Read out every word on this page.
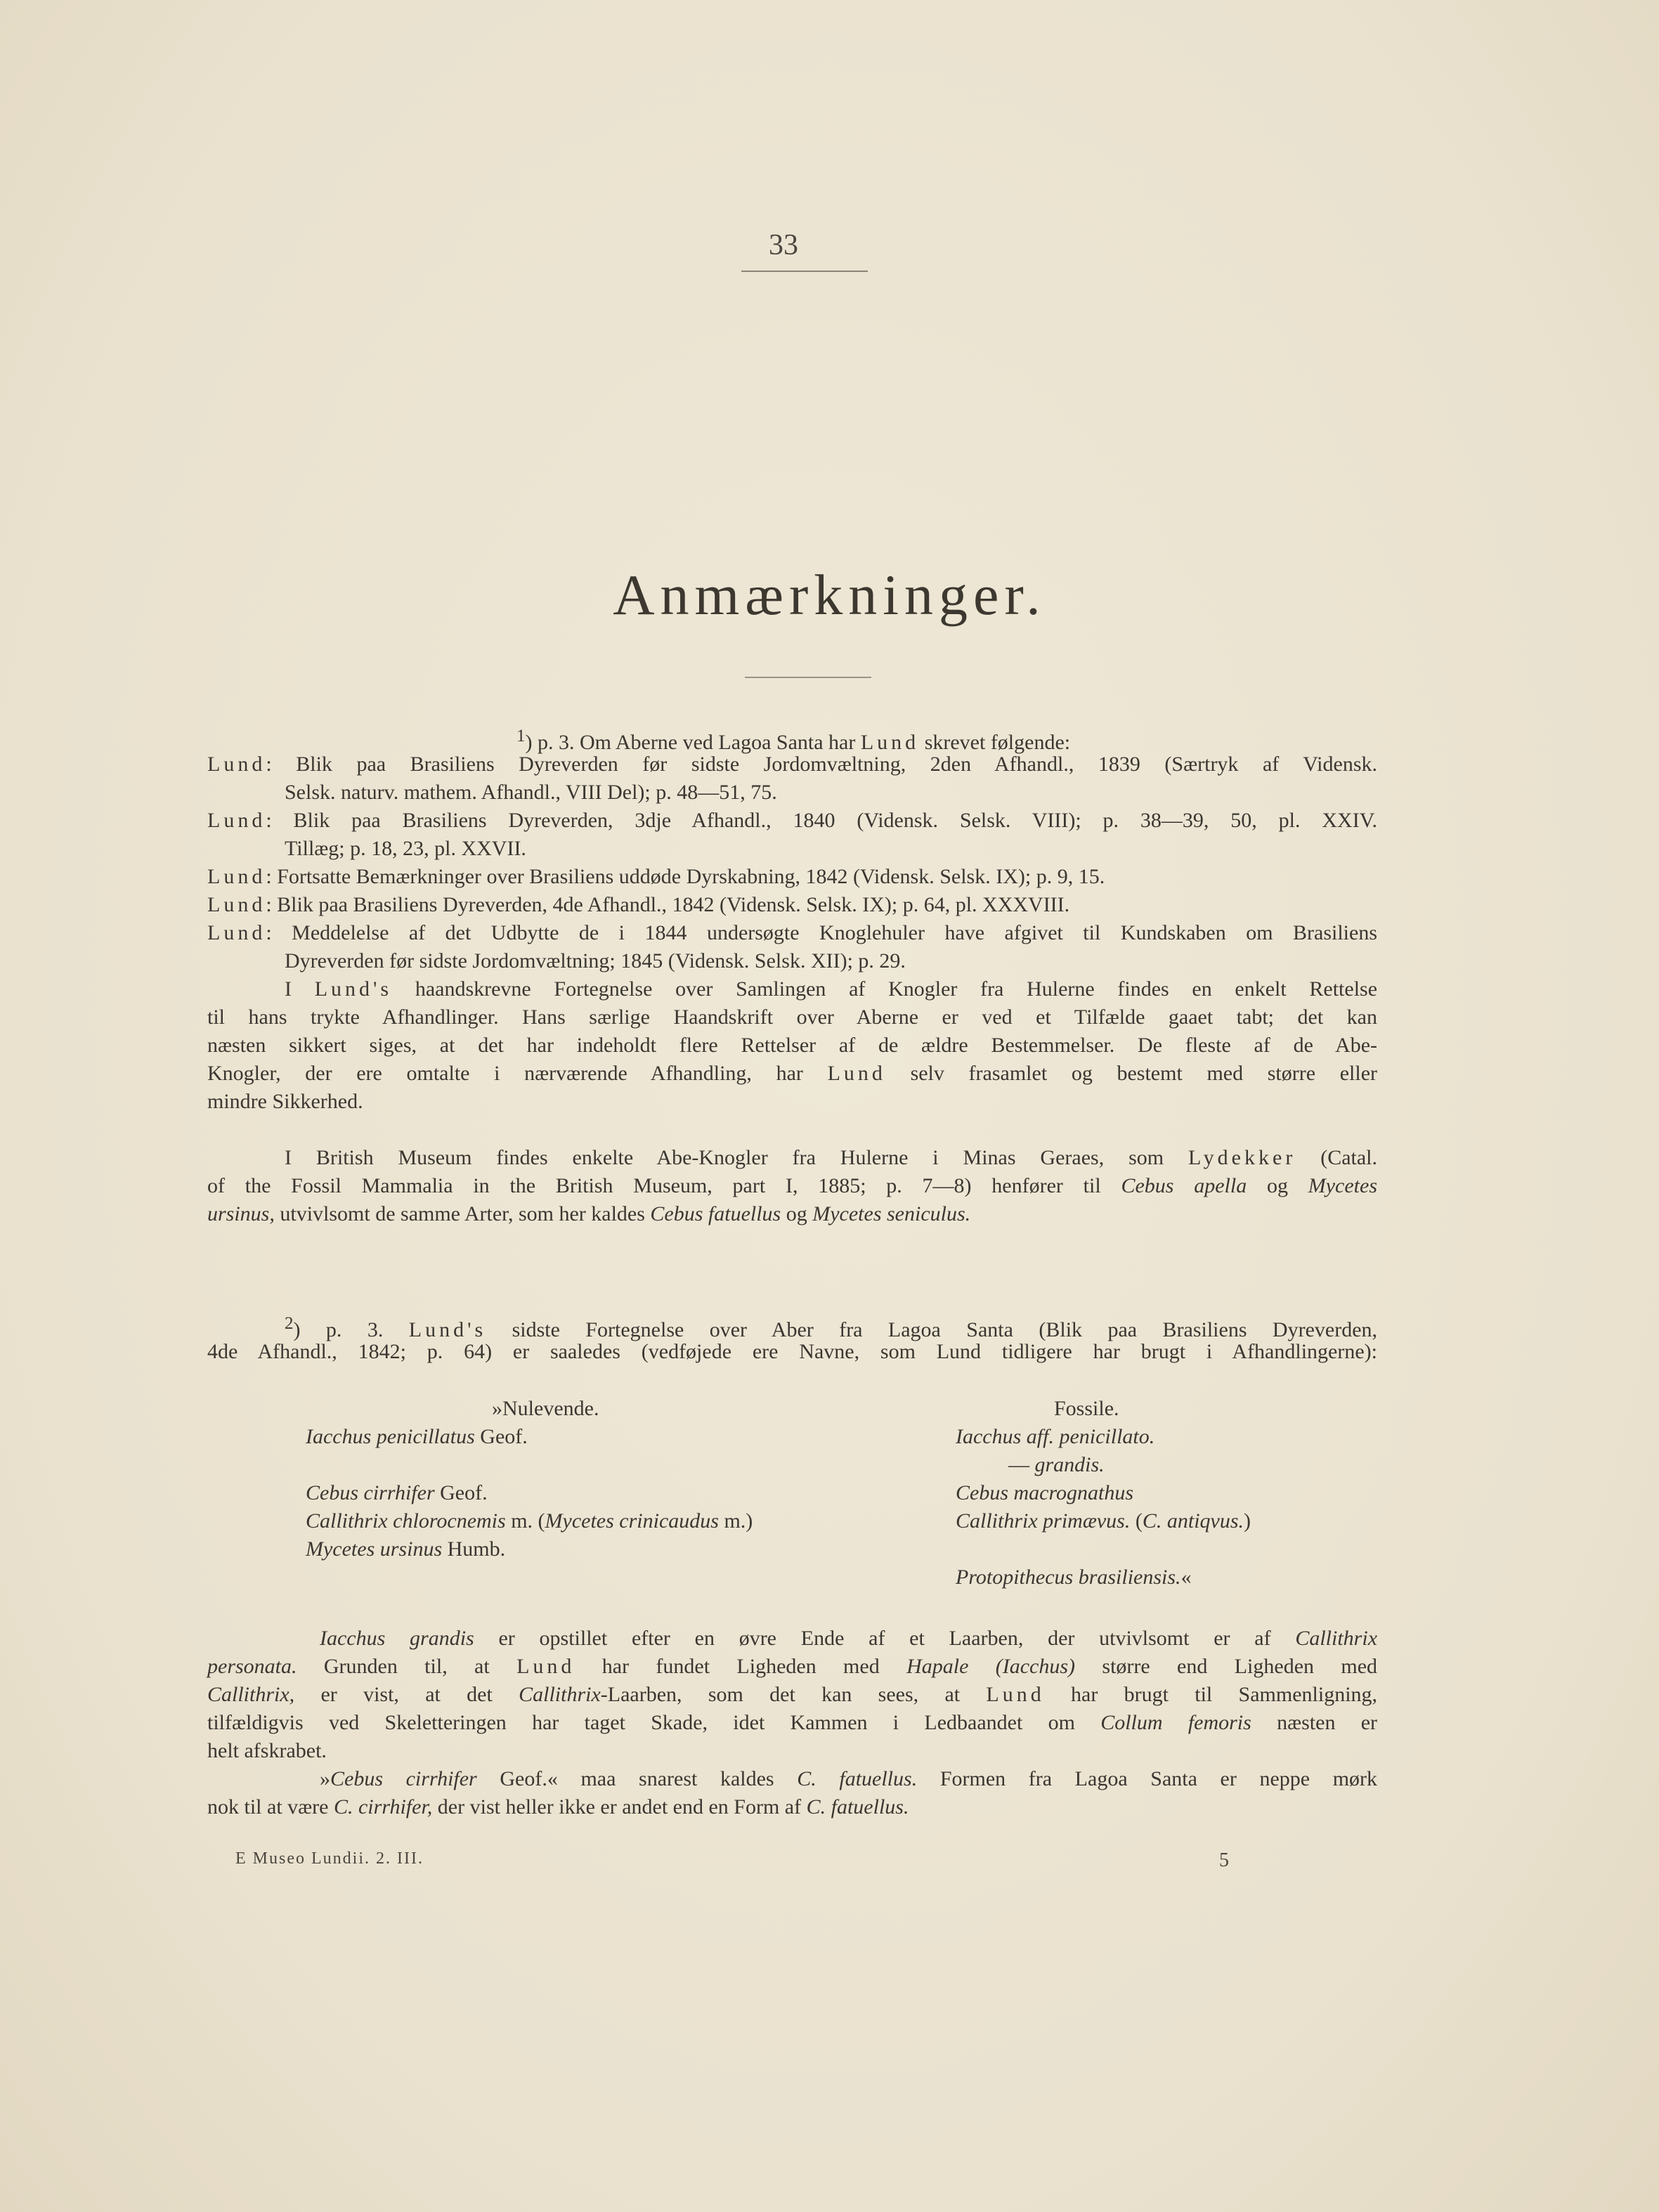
33
Anmærkninger.
$^1$) p. 3. Om Aberne ved Lagoa Santa har Lund skrevet følgende:
Lund: Blik paa Brasiliens Dyreverden før sidste Jordomvæltning, 2den Afhandl., 1839 (Særtryk af Vidensk.
Selsk. naturv. mathem. Afhandl., VIII Del); p. 48—51, 75.
Lund: Blik paa Brasiliens Dyreverden, 3dje Afhandl., 1840 (Vidensk. Selsk. VIII); p. 38—39, 50, pl. XXIV.
Tillæg; p. 18, 23, pl. XXVII.
Lund: Fortsatte Bemærkninger over Brasiliens uddøde Dyrskabning, 1842 (Vidensk. Selsk. IX); p. 9, 15.
Lund: Blik paa Brasiliens Dyreverden, 4de Afhandl., 1842 (Vidensk. Selsk. IX); p. 64, pl. XXXVIII.
Lund: Meddelelse af det Udbytte de i 1844 undersøgte Knoglehuler have afgivet til Kundskaben om Brasiliens
Dyreverden før sidste Jordomvæltning; 1845 (Vidensk. Selsk. XII); p. 29.
I Lund's haandskrevne Fortegnelse over Samlingen af Knogler fra Hulerne findes en enkelt Rettelse
til hans trykte Afhandlinger. Hans særlige Haandskrift over Aberne er ved et Tilfælde gaaet tabt; det kan
næsten sikkert siges, at det har indeholdt flere Rettelser af de ældre Bestemmelser. De fleste af de Abe-
Knogler, der ere omtalte i nærværende Afhandling, har Lund selv frasamlet og bestemt med større eller
mindre Sikkerhed.
I British Museum findes enkelte Abe-Knogler fra Hulerne i Minas Geraes, som Lydekker (Catal.
of the Fossil Mammalia in the British Museum, part I, 1885; p. 7—8) henfører til Cebus apella og Mycetes
ursinus, utvivlsomt de samme Arter, som her kaldes Cebus fatuellus og Mycetes seniculus.
$^2$) p. 3. Lund's sidste Fortegnelse over Aber fra Lagoa Santa (Blik paa Brasiliens Dyreverden,
4de Afhandl., 1842; p. 64) er saaledes (vedføjede ere Navne, som Lund tidligere har brugt i Afhandlingerne):
»Nulevende.	Fossile.
Iacchus penicillatus Geof.
Cebus cirrhifer Geof.
Callithrix chlorocnemis m. (Mycetes crinicaudus m.)
Mycetes ursinus Humb.
Iacchus aff. penicillato.
— grandis.
Cebus macrognathus
Callithrix primævus. (C. antiqvus.)
Protopithecus brasiliensis.«
Iacchus grandis er opstillet efter en øvre Ende af et Laarben, der utvivlsomt er af Callithrix
personata. Grunden til, at Lund har fundet Ligheden med Hapale (Iacchus) større end Ligheden med
Callithrix, er vist, at det Callithrix-Laarben, som det kan sees, at Lund har brugt til Sammenligning,
tilfældigvis ved Skeletteringen har taget Skade, idet Kammen i Ledbaandet om Collum femoris næsten er
helt afskrabet.
»Cebus cirrhifer Geof.« maa snarest kaldes C. fatuellus. Formen fra Lagoa Santa er neppe mørk
nok til at være C. cirrhifer, der vist heller ikke er andet end en Form af C. fatuellus.
E Museo Lundii. 2. III.	5
